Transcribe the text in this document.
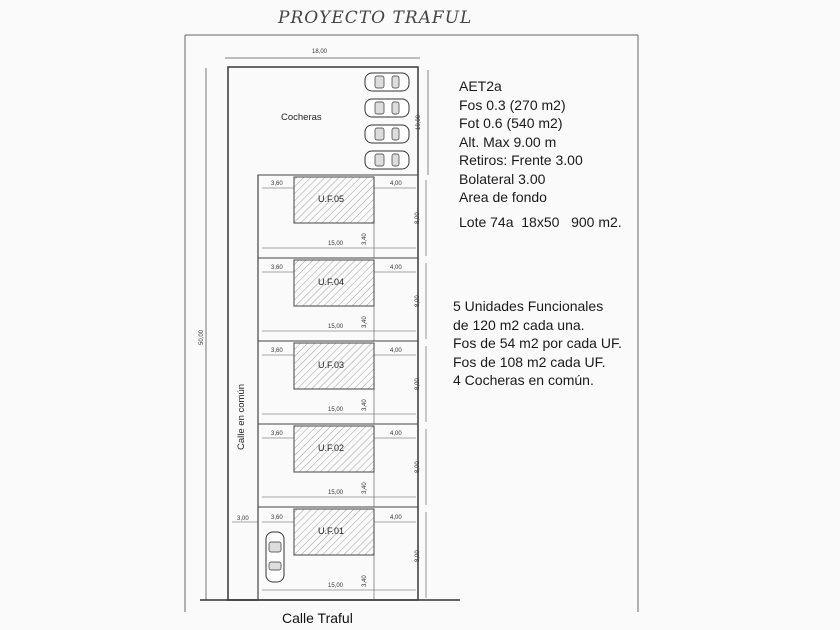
PROYECTO TRAFUL
18,00
50,00
10,00
Cocheras
Calle en común
Calle Traful
3,00
U.F.05
3,60	4,00
15,00	3,40
8,00
U.F.04
3,60	4,00
15,00	3,40
8,00
U.F.03
3,60	4,00
15,00	3,40
8,00
U.F.02
3,60	4,00
15,00	3,40
8,00
U.F.01
3,60	4,00
15,00	3,40
8,00
AET2a
Fos 0.3 (270 m2)
Fot 0.6 (540 m2)
Alt. Max 9.00 m
Retiros: Frente 3.00
Bolateral 3.00
Area de fondo
Lote 74a  18x50   900 m2.
5 Unidades Funcionales
de 120 m2 cada una.
Fos de 54 m2 por cada UF.
Fos de 108 m2 cada UF.
4 Cocheras en común.
